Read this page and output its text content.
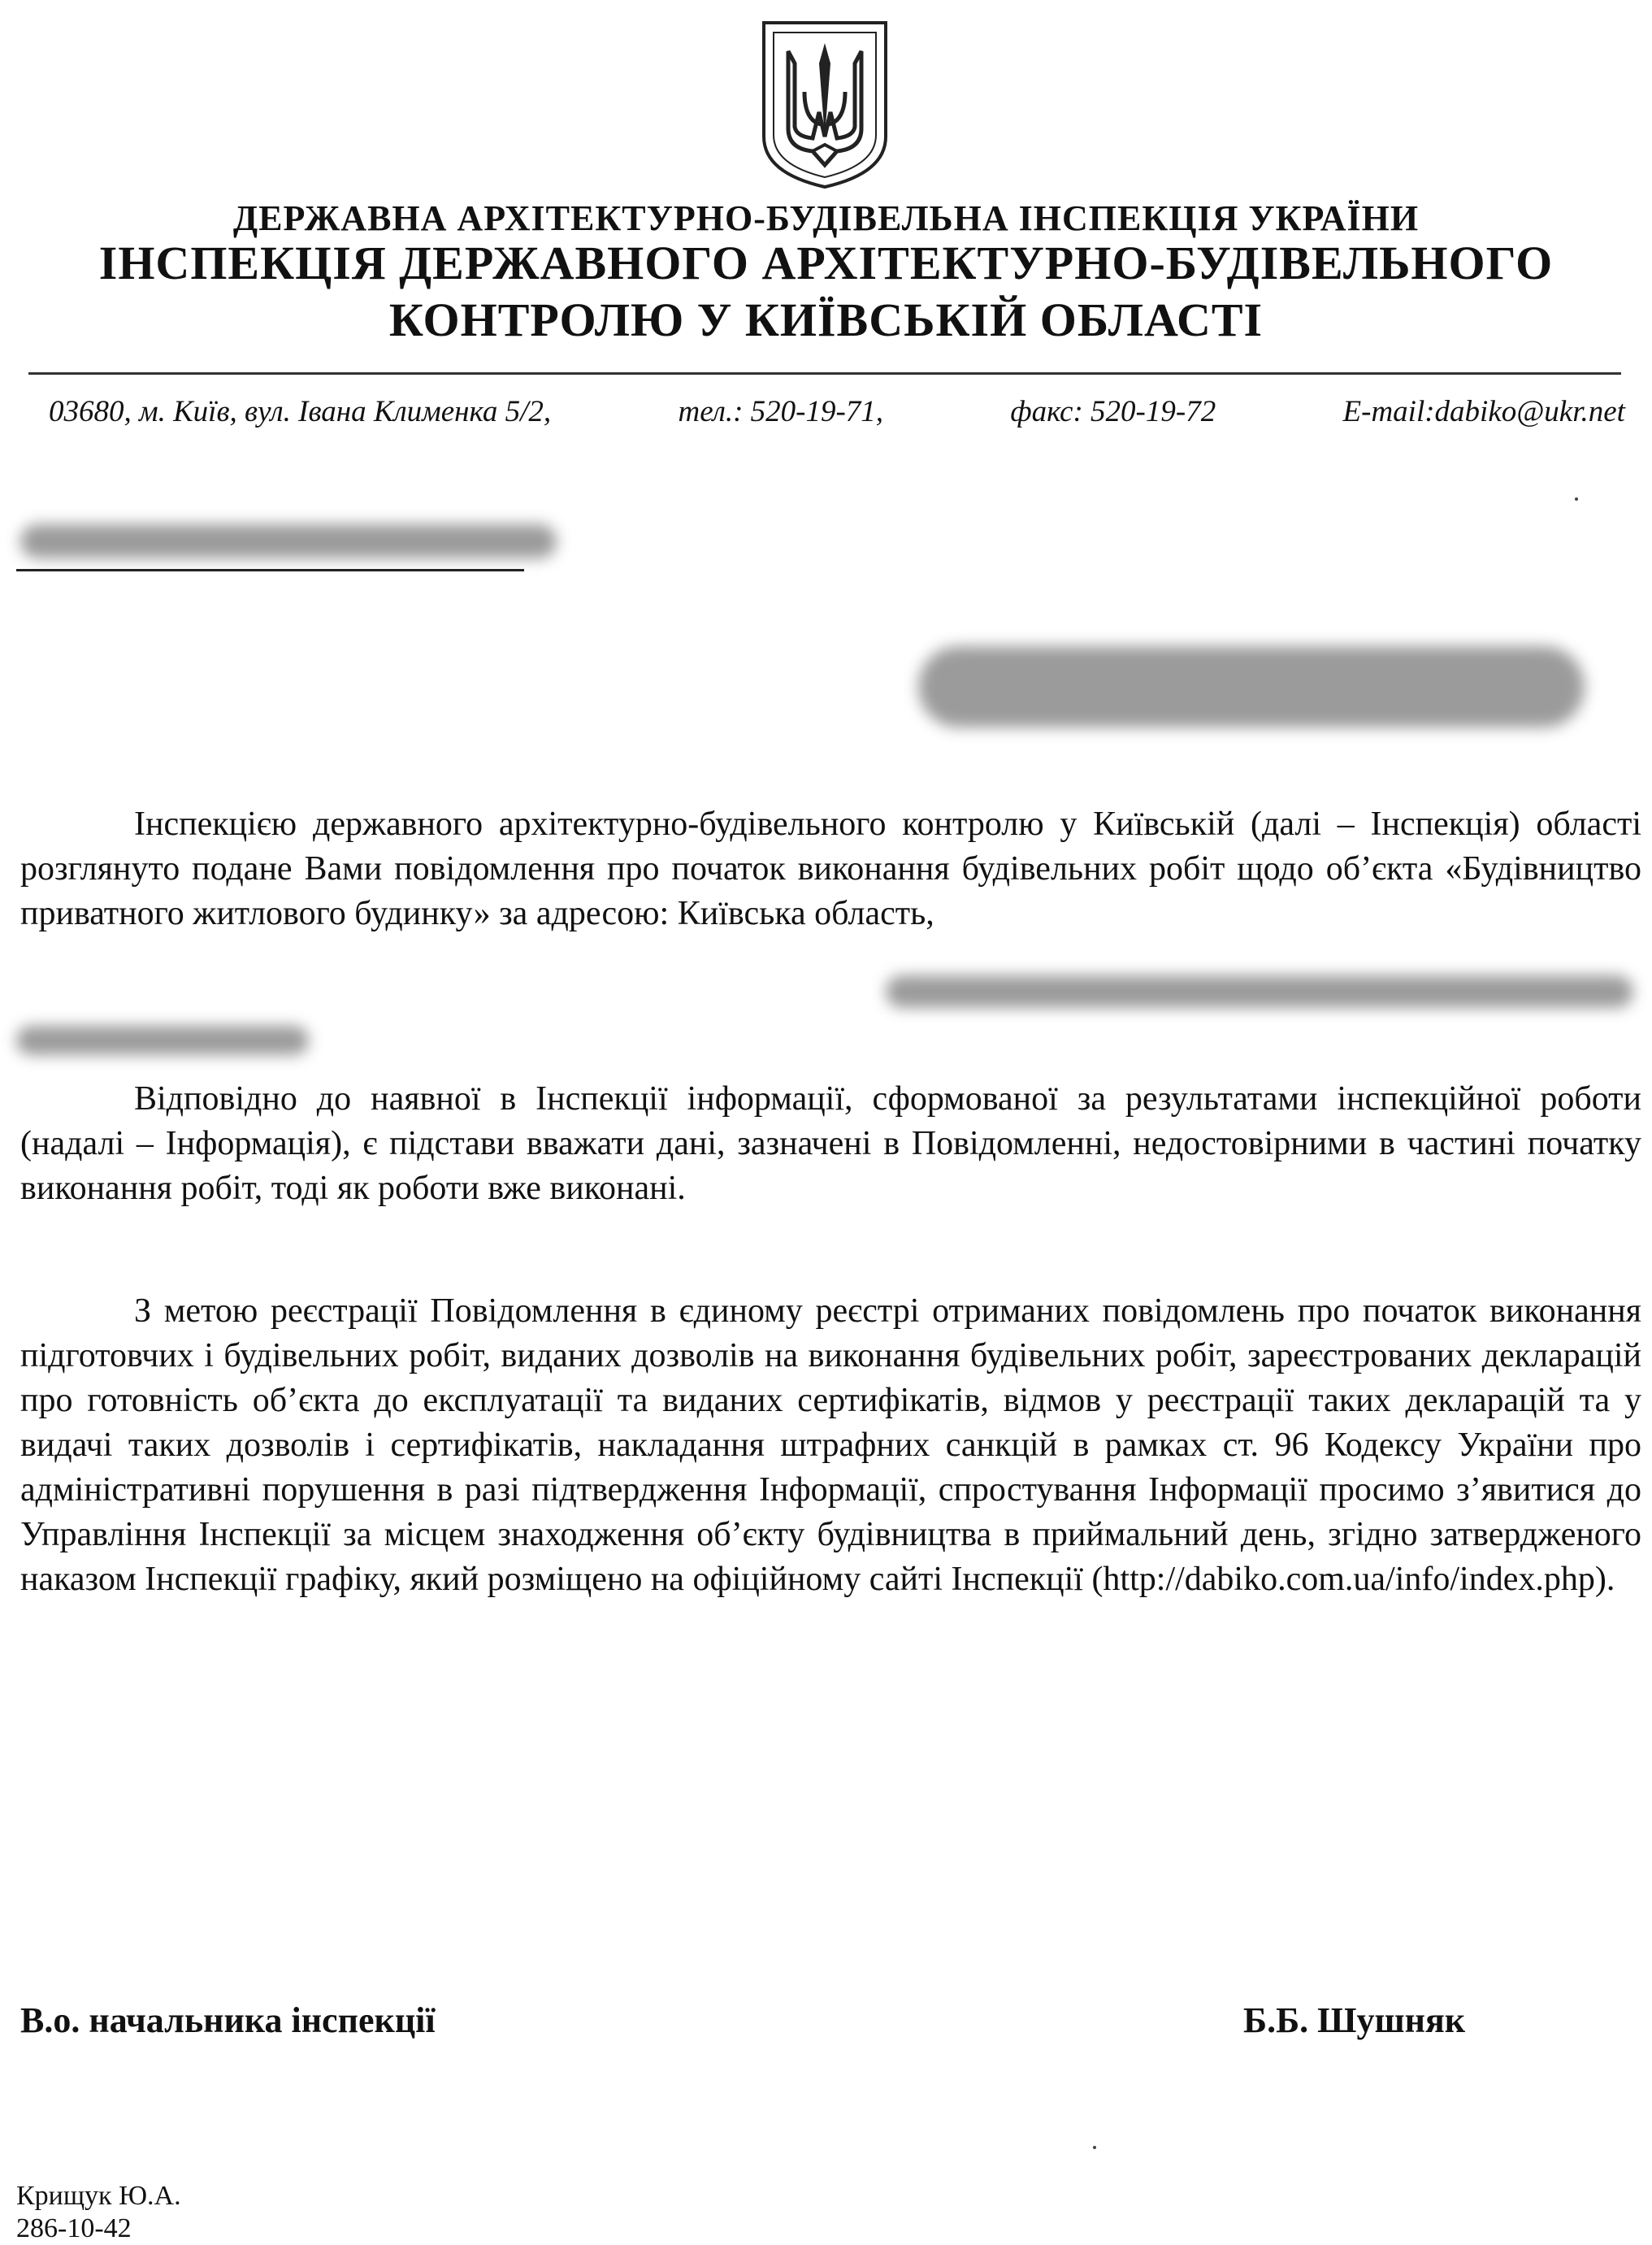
ДЕРЖАВНА АРХІТЕКТУРНО-БУДІВЕЛЬНА ІНСПЕКЦІЯ УКРАЇНИ
ІНСПЕКЦІЯ ДЕРЖАВНОГО АРХІТЕКТУРНО-БУДІВЕЛЬНОГО
КОНТРОЛЮ У КИЇВСЬКІЙ ОБЛАСТІ
03680, м. Київ, вул. Івана Клименка 5/2,	тел.: 520-19-71,	факс: 520-19-72	E-mail:dabiko@ukr.net

Інспекцією державного архітектурно-будівельного контролю у Київській (далі – Інспекція) області розглянуто подане Вами повідомлення про початок виконання будівельних робіт щодо об’єкта «Будівництво приватного житлового будинку» за адресою: Київська область,

Відповідно до наявної в Інспекції інформації, сформованої за результатами інспекційної роботи (надалі – Інформація), є підстави вважати дані, зазначені в Повідомленні, недостовірними в частині початку виконання робіт, тоді як роботи вже виконані.

З метою реєстрації Повідомлення в єдиному реєстрі отриманих повідомлень про початок виконання підготовчих і будівельних робіт, виданих дозволів на виконання будівельних робіт, зареєстрованих декларацій про готовність об’єкта до експлуатації та виданих сертифікатів, відмов у реєстрації таких декларацій та у видачі таких дозволів і сертифікатів, накладання штрафних санкцій в рамках ст. 96 Кодексу України про адміністративні порушення в разі підтвердження Інформації, спростування Інформації просимо з’явитися до Управління Інспекції за місцем знаходження об’єкту будівництва в приймальний день, згідно затвердженого наказом Інспекції графіку, який розміщено на офіційному сайті Інспекції (http://dabiko.com.ua/info/index.php).

В.о. начальника інспекції	Б.Б. Шушняк
Крищук Ю.А.
286-10-42
